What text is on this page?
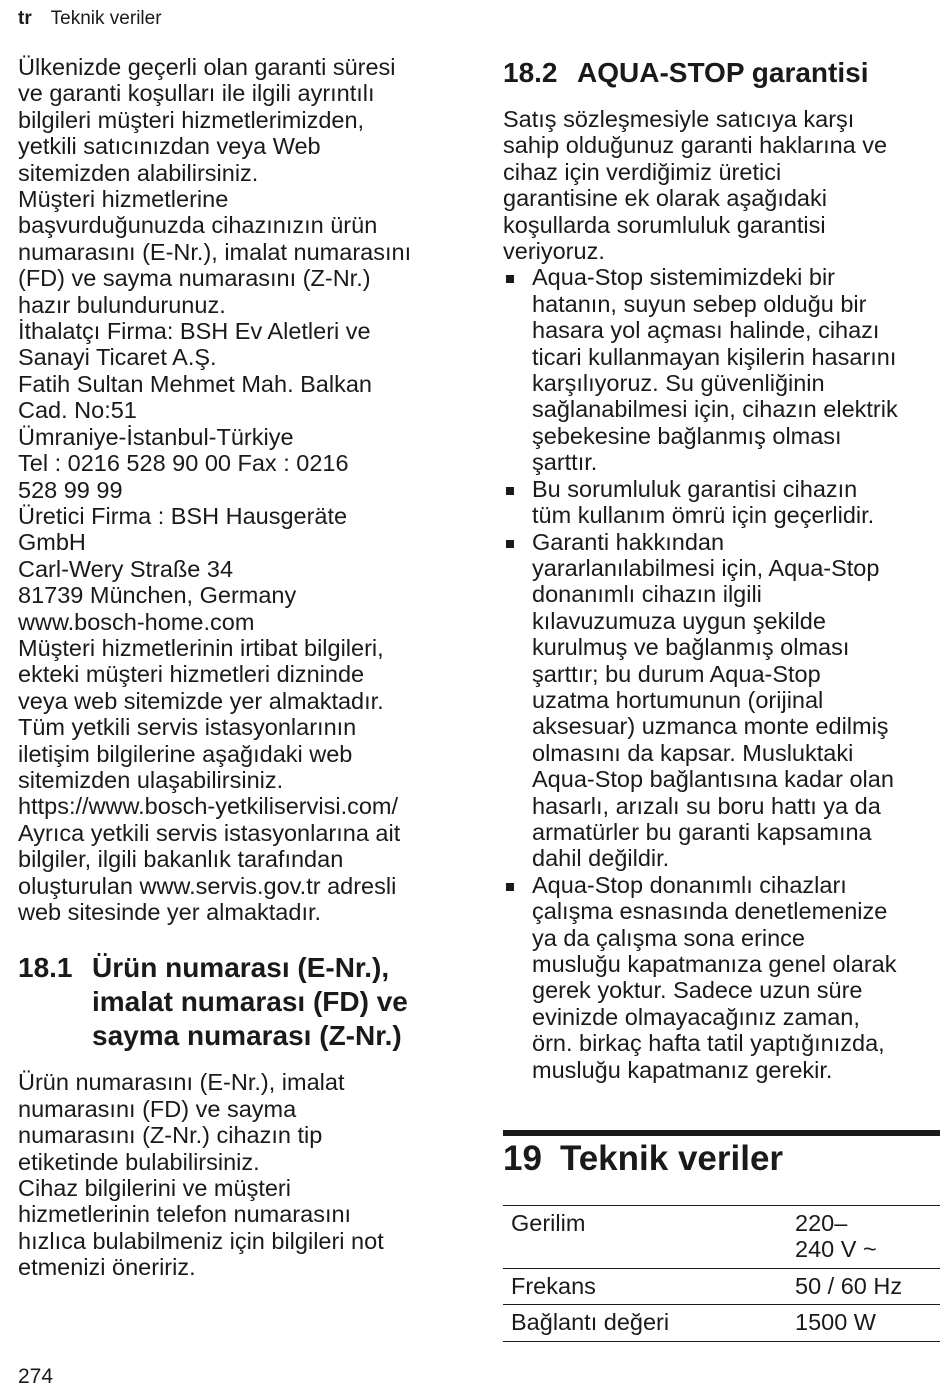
tr Teknik veriler

Ülkenizde geçerli olan garanti süresi
ve garanti koşulları ile ilgili ayrıntılı
bilgileri müşteri hizmetlerimizden,
yetkili satıcınızdan veya Web
sitemizden alabilirsiniz.
Müşteri hizmetlerine
başvurduğunuzda cihazınızın ürün
numarasını (E-Nr.), imalat numarasını
(FD) ve sayma numarasını (Z-Nr.)
hazır bulundurunuz.
İthalatçı Firma: BSH Ev Aletleri ve
Sanayi Ticaret A.Ş.
Fatih Sultan Mehmet Mah. Balkan
Cad. No:51
Ümraniye-İstanbul-Türkiye
Tel : 0216 528 90 00 Fax : 0216
528 99 99
Üretici Firma : BSH Hausgeräte
GmbH
Carl-Wery Straße 34
81739 München, Germany
www.bosch-home.com
Müşteri hizmetlerinin irtibat bilgileri,
ekteki müşteri hizmetleri dizninde
veya web sitemizde yer almaktadır.
Tüm yetkili servis istasyonlarının
iletişim bilgilerine aşağıdaki web
sitemizden ulaşabilirsiniz.
https://www.bosch-yetkiliservisi.com/
Ayrıca yetkili servis istasyonlarına ait
bilgiler, ilgili bakanlık tarafından
oluşturulan www.servis.gov.tr adresli
web sitesinde yer almaktadır.

18.1 Ürün numarası (E-Nr.),
imalat numarası (FD) ve
sayma numarası (Z-Nr.)

Ürün numarasını (E-Nr.), imalat
numarasını (FD) ve sayma
numarasını (Z-Nr.) cihazın tip
etiketinde bulabilirsiniz.
Cihaz bilgilerini ve müşteri
hizmetlerinin telefon numarasını
hızlıca bulabilmeniz için bilgileri not
etmenizi öneririz.

18.2 AQUA-STOP garantisi

Satış sözleşmesiyle satıcıya karşı
sahip olduğunuz garanti haklarına ve
cihaz için verdiğimiz üretici
garantisine ek olarak aşağıdaki
koşullarda sorumluluk garantisi
veriyoruz.

Aqua-Stop sistemimizdeki bir
hatanın, suyun sebep olduğu bir
hasara yol açması halinde, cihazı
ticari kullanmayan kişilerin hasarını
karşılıyoruz. Su güvenliğinin
sağlanabilmesi için, cihazın elektrik
şebekesine bağlanmış olması
şarttır.
Bu sorumluluk garantisi cihazın
tüm kullanım ömrü için geçerlidir.
Garanti hakkından
yararlanılabilmesi için, Aqua-Stop
donanımlı cihazın ilgili
kılavuzumuza uygun şekilde
kurulmuş ve bağlanmış olması
şarttır; bu durum Aqua-Stop
uzatma hortumunun (orijinal
aksesuar) uzmanca monte edilmiş
olmasını da kapsar. Musluktaki
Aqua-Stop bağlantısına kadar olan
hasarlı, arızalı su boru hattı ya da
armatürler bu garanti kapsamına
dahil değildir.
Aqua-Stop donanımlı cihazları
çalışma esnasında denetlemenize
ya da çalışma sona erince
musluğu kapatmanıza genel olarak
gerek yoktur. Sadece uzun süre
evinizde olmayacağınız zaman,
örn. birkaç hafta tatil yaptığınızda,
musluğu kapatmanız gerekir.
19 Teknik veriler
Gerilim	220–
240 V ~

Frekans	50 / 60 Hz

Bağlantı değeri	1500 W
274
